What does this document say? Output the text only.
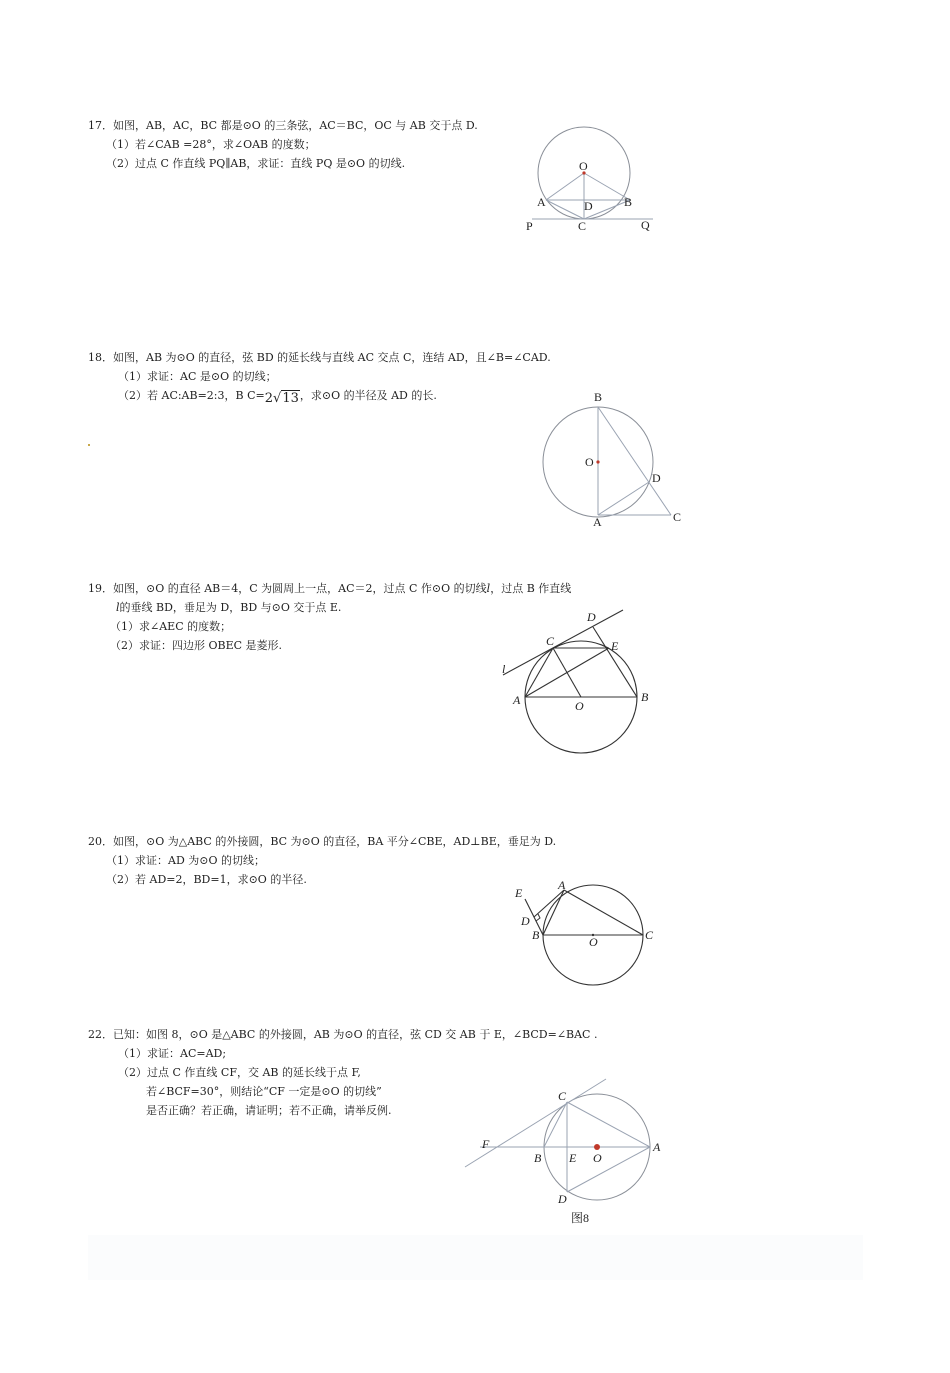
17．如图，AB，AC，BC 都是⊙O 的三条弦，AC＝BC，OC 与 AB 交于点 D.
（1）若∠CAB =28°，求∠OAB 的度数；
（2）过点 C 作直线 PQ∥AB，求证：直线 PQ 是⊙O 的切线.	O
A	B
D
P	C	Q
18．如图，AB 为⊙O 的直径，弦 BD 的延长线与直线 AC 交点 C，连结 AD，且∠B=∠CAD.
（1）求证：AC 是⊙O 的切线；
（2）若 AC:AB=2:3，B C=2√13，求⊙O 的半径及 AD 的长.	B
O
D
A	C
19．如图，⊙O 的直径 AB＝4，C 为圆周上一点，AC＝2，过点 C 作⊙O 的切线l，过点 B 作直线
l的垂线 BD，垂足为 D，BD 与⊙O 交于点 E.
（1）求∠AEC 的度数；
（2）求证：四边形 OBEC 是菱形.
D
C	E
l
A	O
B
20．如图，⊙O 为△ABC 的外接圆，BC 为⊙O 的直径，BA 平分∠CBE，AD⊥BE，垂足为 D.
（1）求证：AD 为⊙O 的切线；
（2）若 AD=2，BD=1，求⊙O 的半径.
E
A
D
B	O	C
22．已知：如图 8，⊙O 是△ABC 的外接圆，AB 为⊙O 的直径，弦 CD 交 AB 于 E，∠BCD=∠BAC .
（1）求证：AC=AD;
（2）过点 C 作直线 CF，交 AB 的延长线于点 F,
若∠BCF=30°，则结论“CF 一定是⊙O 的切线”
是否正确？若正确，请证明；若不正确，请举反例.
C
F
B E O
A
D
图8
